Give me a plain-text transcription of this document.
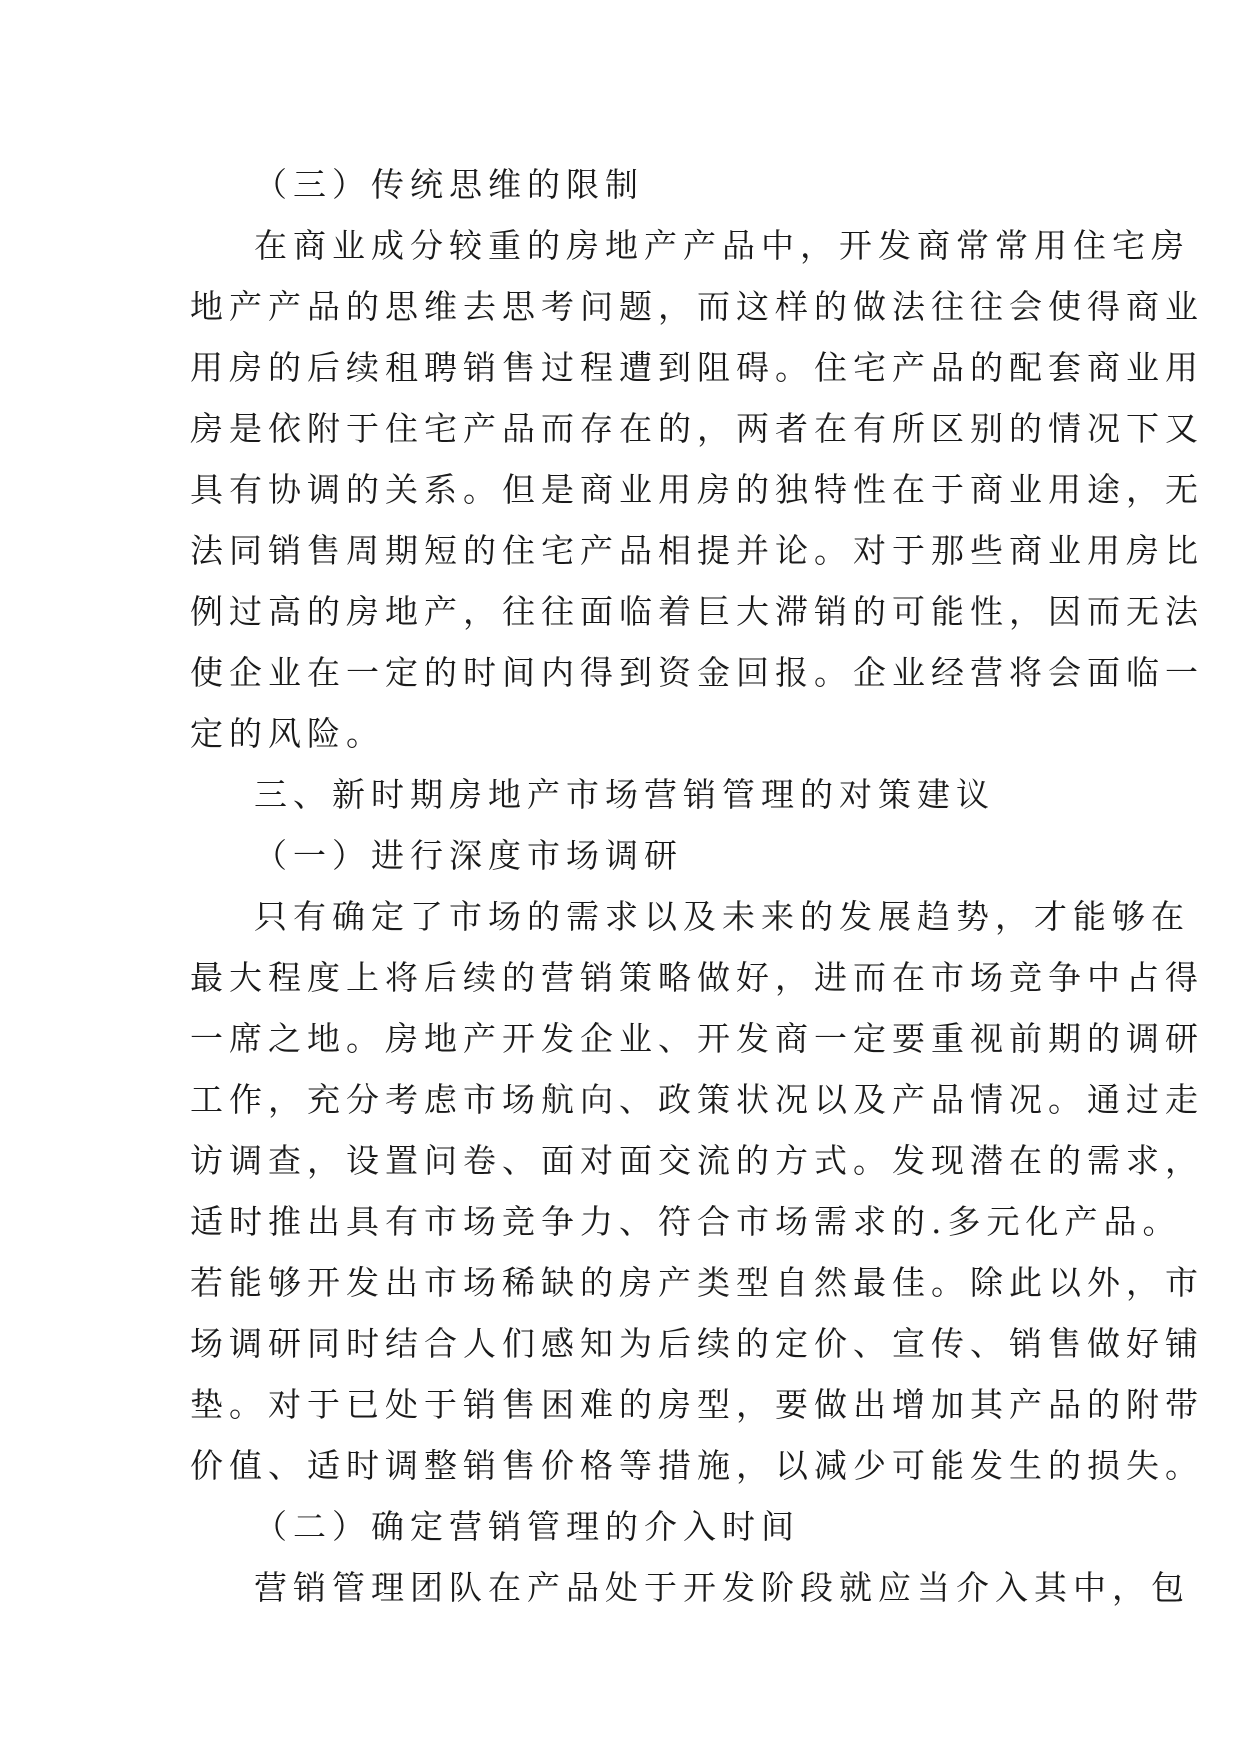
（三）传统思维的限制
在商业成分较重的房地产产品中，开发商常常用住宅房
地产产品的思维去思考问题，而这样的做法往往会使得商业
用房的后续租聘销售过程遭到阻碍。住宅产品的配套商业用
房是依附于住宅产品而存在的，两者在有所区别的情况下又
具有协调的关系。但是商业用房的独特性在于商业用途，无
法同销售周期短的住宅产品相提并论。对于那些商业用房比
例过高的房地产，往往面临着巨大滞销的可能性，因而无法
使企业在一定的时间内得到资金回报。企业经营将会面临一
定的风险。
三、新时期房地产市场营销管理的对策建议
（一）进行深度市场调研
只有确定了市场的需求以及未来的发展趋势，才能够在
最大程度上将后续的营销策略做好，进而在市场竞争中占得
一席之地。房地产开发企业、开发商一定要重视前期的调研
工作，充分考虑市场航向、政策状况以及产品情况。通过走
访调查，设置问卷、面对面交流的方式。发现潜在的需求，
适时推出具有市场竞争力、符合市场需求的.多元化产品。
若能够开发出市场稀缺的房产类型自然最佳。除此以外，市
场调研同时结合人们感知为后续的定价、宣传、销售做好铺
垫。对于已处于销售困难的房型，要做出增加其产品的附带
价值、适时调整销售价格等措施，以减少可能发生的损失。
（二）确定营销管理的介入时间
营销管理团队在产品处于开发阶段就应当介入其中，包
